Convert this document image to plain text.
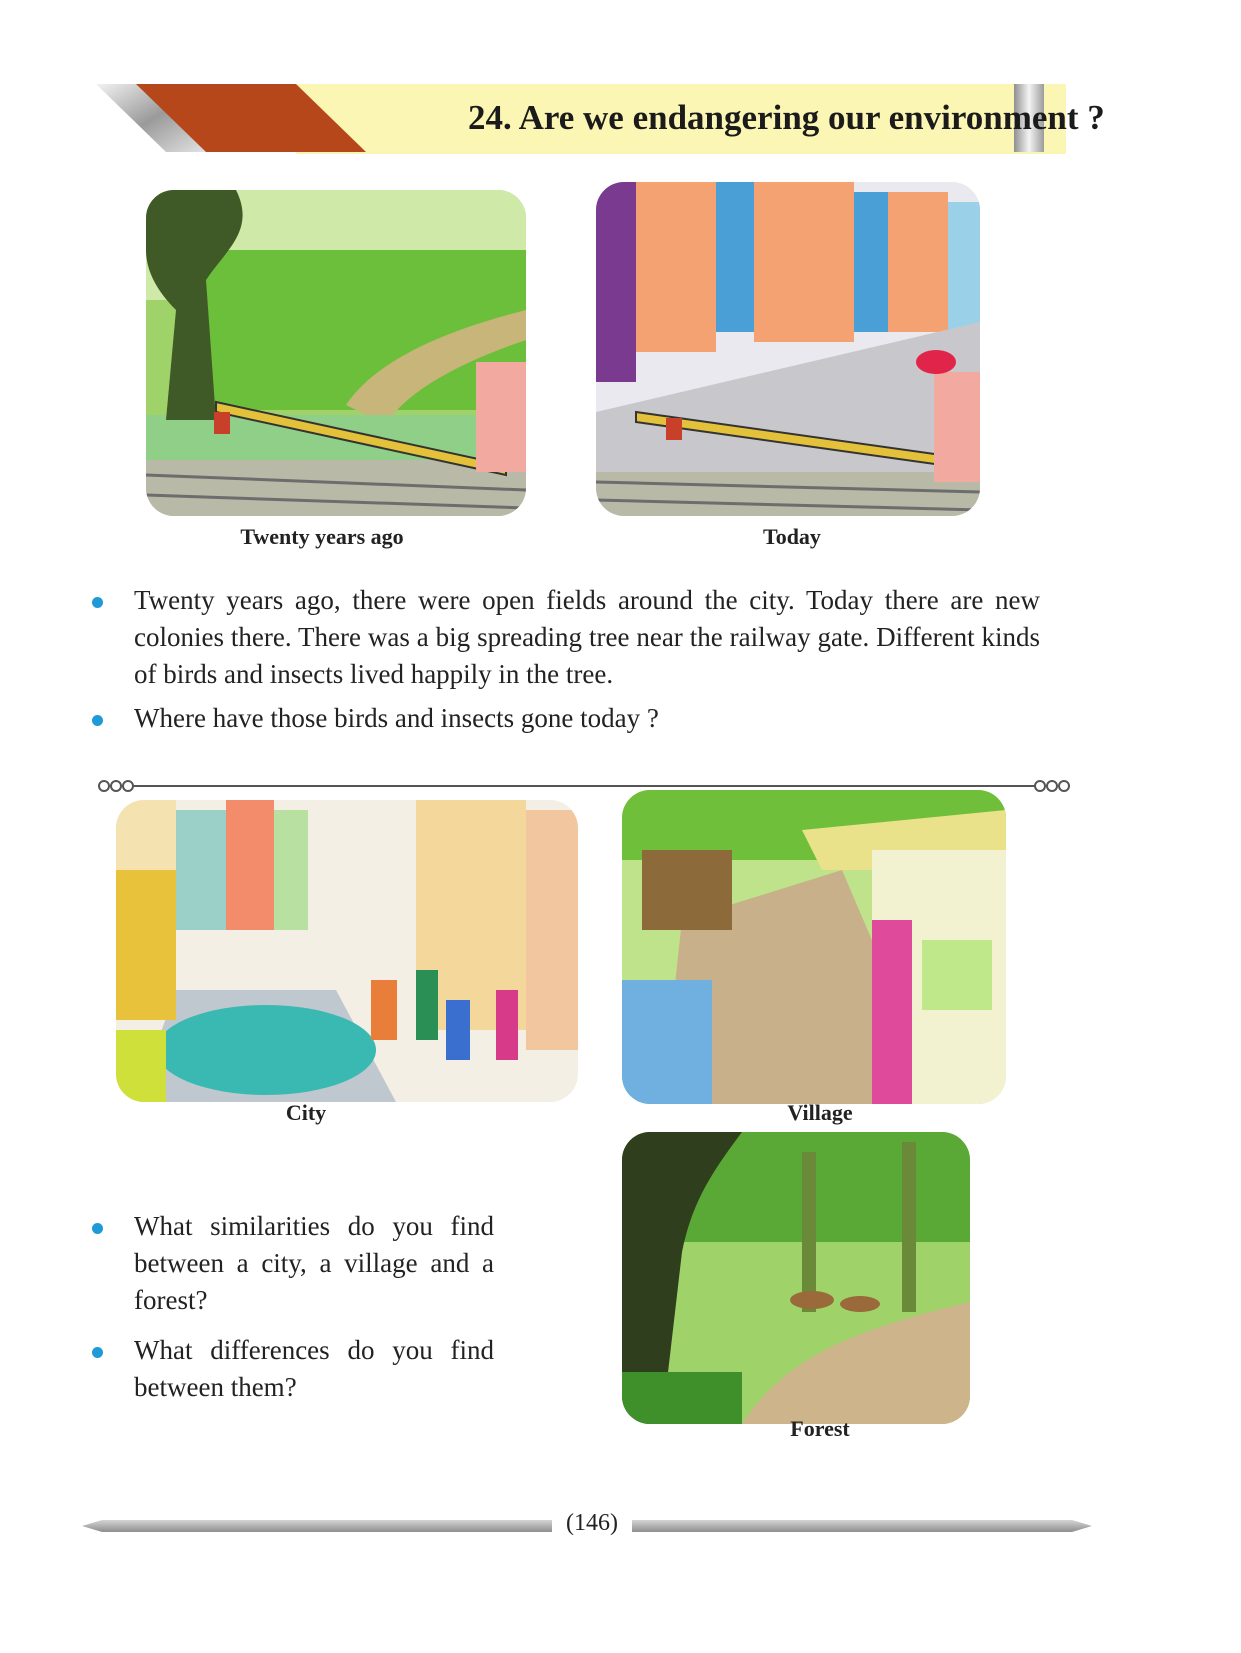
24. Are we endangering our environment ?
Twenty years ago	Today
Twenty years ago, there were open fields around the city. Today there are new colonies there. There was a big spreading tree near the railway gate. Different kinds of birds and insects lived happily in the tree.
Where have those birds and insects gone today ?
City	Village
Forest
What similarities do you find between a city, a village and a forest?
What differences do you find between them?
(146)
